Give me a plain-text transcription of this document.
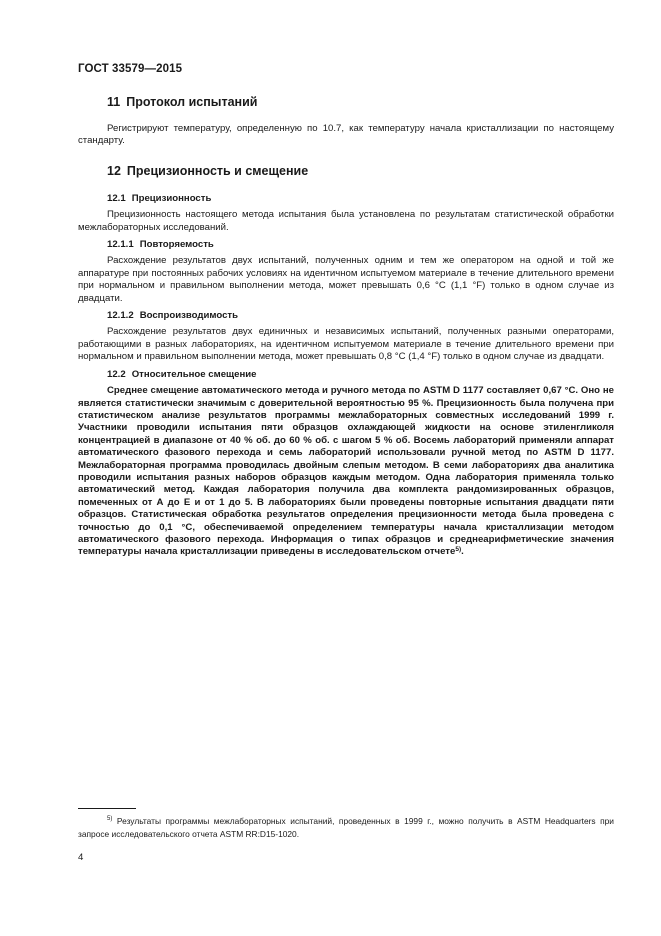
ГОСТ 33579—2015
11 Протокол испытаний

Регистрируют температуру, определенную по 10.7, как температуру начала кристаллизации по настоящему стандарту.

12 Прецизионность и смещение
12.1 Прецизионность

Прецизионность настоящего метода испытания была установлена по результатам статистической обработки межлабораторных исследований.

12.1.1 Повторяемость

Расхождение результатов двух испытаний, полученных одним и тем же оператором на одной и той же аппаратуре при постоянных рабочих условиях на идентичном испытуемом материале в течение длительного времени при нормальном и правильном выполнении метода, может превышать 0,6 °С (1,1 °F) только в одном случае из двадцати.

12.1.2 Воспроизводимость

Расхождение результатов двух единичных и независимых испытаний, полученных разными операторами, работающими в разных лабораториях, на идентичном испытуемом материале в течение длительного времени при нормальном и правильном выполнении метода, может превышать 0,8 °С (1,4 °F) только в одном случае из двадцати.

12.2 Относительное смещение

Среднее смещение автоматического метода и ручного метода по ASTM D 1177 составляет 0,67 °С. Оно не является статистически значимым с доверительной вероятностью 95 %. Прецизионность была получена при статистическом анализе результатов программы межлабораторных совместных исследований 1999 г. Участники проводили испытания пяти образцов охлаждающей жидкости на основе этиленгликоля концентрацией в диапазоне от 40 % об. до 60 % об. с шагом 5 % об. Восемь лабораторий применяли аппарат автоматического фазового перехода и семь лабораторий использовали ручной метод по ASTM D 1177. Межлабораторная программа проводилась двойным слепым методом. В семи лабораториях два аналитика проводили испытания разных наборов образцов каждым методом. Одна лаборатория применяла только автоматический метод. Каждая лаборатория получила два комплекта рандомизированных образцов, помеченных от А до Е и от 1 до 5. В лабораториях были проведены повторные испытания двадцати пяти образцов. Статистическая обработка результатов определения прецизионности метода была проведена с точностью до 0,1 °С, обеспечиваемой определением температуры начала кристаллизации методом автоматического фазового перехода. Информация о типах образцов и среднеарифметические значения температуры начала кристаллизации приведены в исследовательском отчете$^{5)}$.

$^{5)}$ Результаты программы межлабораторных испытаний, проведенных в 1999 г., можно получить в ASTM Headquarters при запросе исследовательского отчета ASTM RR:D15-1020.
4
